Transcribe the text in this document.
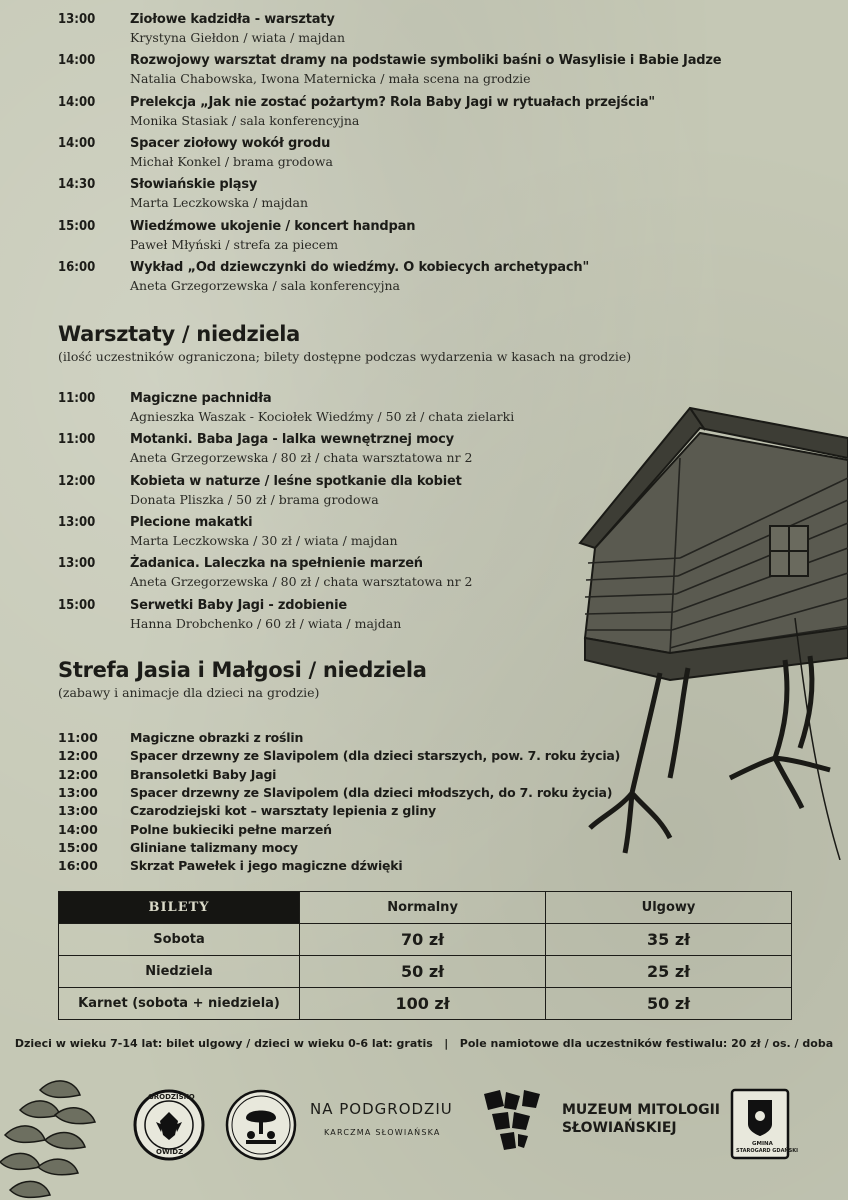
13:00	Ziołowe kadzidła - warsztaty
Krystyna Giełdon / wiata / majdan
14:00	Rozwojowy warsztat dramy na podstawie symboliki baśni o Wasylisie i Babie Jadze
Natalia Chabowska, Iwona Maternicka / mała scena na grodzie
14:00	Prelekcja „Jak nie zostać pożartym? Rola Baby Jagi w rytuałach przejścia"
Monika Stasiak / sala konferencyjna
14:00	Spacer ziołowy wokół grodu
Michał Konkel / brama grodowa
14:30	Słowiańskie pląsy
Marta Leczkowska / majdan
15:00	Wiedźmowe ukojenie / koncert handpan
Paweł Młyński / strefa za piecem
16:00	Wykład „Od dziewczynki do wiedźmy. O kobiecych archetypach"
Aneta Grzegorzewska / sala konferencyjna
Warsztaty / niedziela
(ilość uczestników ograniczona; bilety dostępne podczas wydarzenia w kasach na grodzie)
11:00	Magiczne pachnidła
Agnieszka Waszak - Kociołek Wiedźmy / 50 zł / chata zielarki
11:00	Motanki. Baba Jaga - lalka wewnętrznej mocy
Aneta Grzegorzewska / 80 zł / chata warsztatowa nr 2
12:00	Kobieta w naturze / leśne spotkanie dla kobiet
Donata Pliszka / 50 zł / brama grodowa
13:00	Plecione makatki
Marta Leczkowska / 30 zł / wiata / majdan
13:00	Żadanica. Laleczka na spełnienie marzeń
Aneta Grzegorzewska / 80 zł / chata warsztatowa nr 2
15:00	Serwetki Baby Jagi - zdobienie
Hanna Drobchenko / 60 zł / wiata / majdan
Strefa Jasia i Małgosi / niedziela
(zabawy i animacje dla dzieci na grodzie)
11:00	Magiczne obrazki z roślin
12:00	Spacer drzewny ze Slavipolem (dla dzieci starszych, pow. 7. roku życia)
12:00	Bransoletki Baby Jagi
13:00	Spacer drzewny ze Slavipolem (dla dzieci młodszych, do 7. roku życia)
13:00	Czarodziejski kot – warsztaty lepienia z gliny
14:00	Polne bukieciki pełne marzeń
15:00	Gliniane talizmany mocy
16:00	Skrzat Pawełek i jego magiczne dźwięki
BILETY	Normalny	Ulgowy
Sobota	70 zł	35 zł
Niedziela	50 zł	25 zł
Karnet (sobota + niedziela)	100 zł	50 zł
Dzieci w wieku 7-14 lat: bilet ulgowy / dzieci w wieku 0-6 lat: gratis   |   Pole namiotowe dla uczestników festiwalu: 20 zł / os. / doba
GRODZISKO
OWIDZ
NA PODGRODZIU
KARCZMA SŁOWIAŃSKA
MUZEUM MITOLOGII
SŁOWIAŃSKIEJ
GMINA
STAROGARD GDAŃSKI
